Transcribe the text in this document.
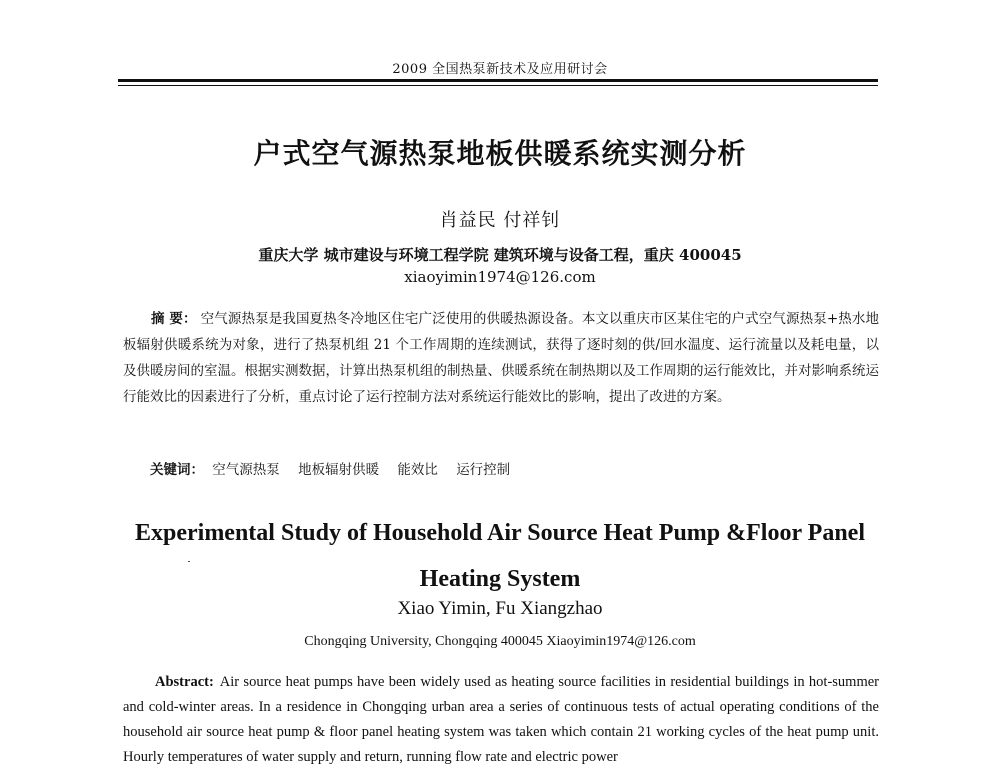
2009 全国热泵新技术及应用研讨会
户式空气源热泵地板供暖系统实测分析
肖益民 付祥钊
重庆大学 城市建设与环境工程学院 建筑环境与设备工程，重庆 400045
xiaoyimin1974@126.com
摘 要： 空气源热泵是我国夏热冬冷地区住宅广泛使用的供暖热源设备。本文以重庆市区某住宅的户式空气源热泵+热水地板辐射供暖系统为对象，进行了热泵机组 21 个工作周期的连续测试，获得了逐时刻的供/回水温度、运行流量以及耗电量，以及供暖房间的室温。根据实测数据，计算出热泵机组的制热量、供暖系统在制热期以及工作周期的运行能效比，并对影响系统运行能效比的因素进行了分析，重点讨论了运行控制方法对系统运行能效比的影响，提出了改进的方案。
关键词： 空气源热泵 地板辐射供暖 能效比 运行控制
Experimental Study of Household Air Source Heat Pump &Floor Panel
Heating System
Xiao Yimin, Fu Xiangzhao
Chongqing University, Chongqing 400045 Xiaoyimin1974@126.com
Abstract: Air source heat pumps have been widely used as heating source facilities in residential buildings in hot-summer and cold-winter areas. In a residence in Chongqing urban area a series of continuous tests of actual operating conditions of the household air source heat pump & floor panel heating system was taken which contain 21 working cycles of the heat pump unit. Hourly temperatures of water supply and return, running flow rate and electric power
